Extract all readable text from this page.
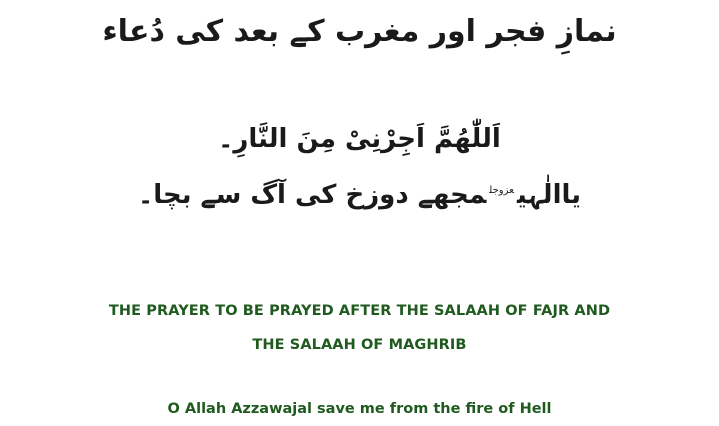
نمازِ فجر اور مغرب کے بعد کی دُعاء
اَللّٰھُمَّ اَجِرْنِیْ مِنَ النَّارِ۔
یاالٰہی$^{عزوجل}$مجھے دوزخ کی آگ سے بچا۔
THE PRAYER TO BE PRAYED AFTER THE SALAAH OF FAJR AND
THE SALAAH OF MAGHRIB
O Allah Azzawajal save me from the fire of Hell
